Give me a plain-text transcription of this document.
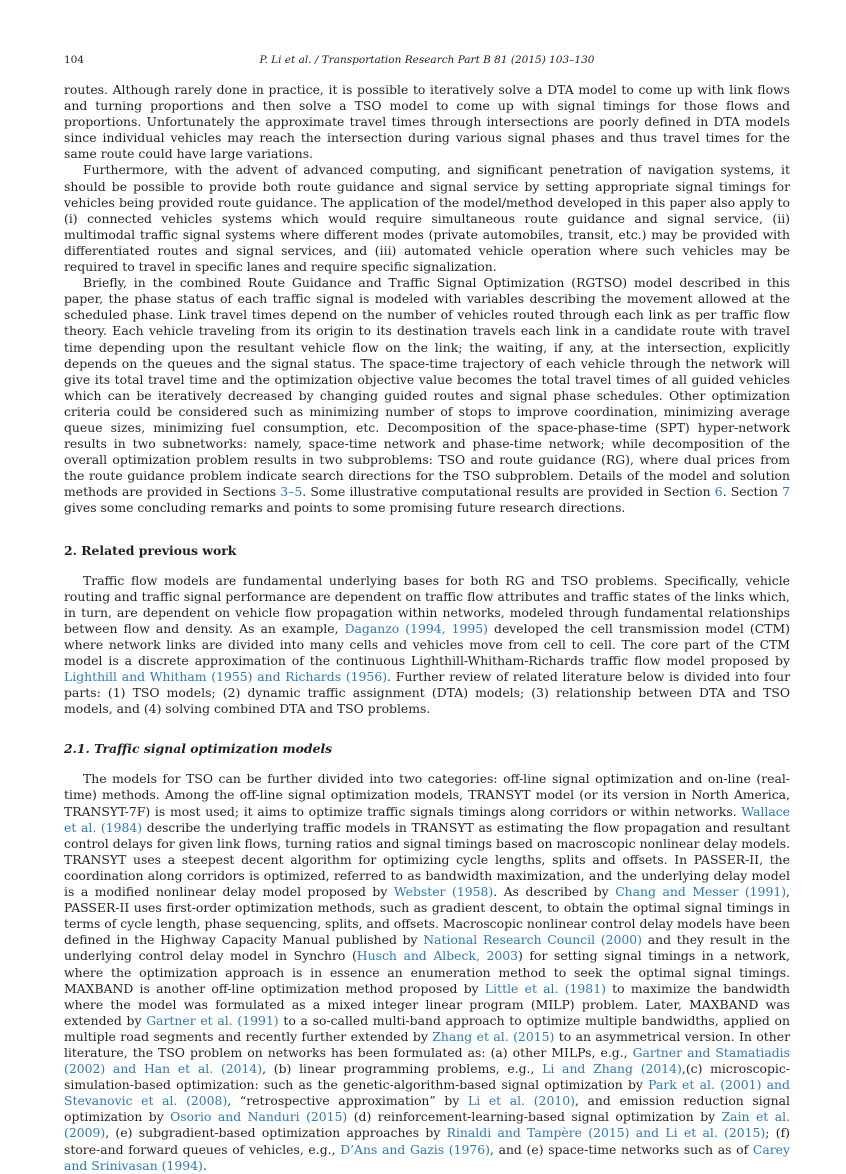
104	P. Li et al. / Transportation Research Part B 81 (2015) 103–130

routes. Although rarely done in practice, it is possible to iteratively solve a DTA model to come up with link flows and turning proportions and then solve a TSO model to come up with signal timings for those flows and proportions. Unfortunately the approximate travel times through intersections are poorly defined in DTA models since individual vehicles may reach the intersection during various signal phases and thus travel times for the same route could have large variations.

Furthermore, with the advent of advanced computing, and significant penetration of navigation systems, it should be possible to provide both route guidance and signal service by setting appropriate signal timings for vehicles being provided route guidance. The application of the model/method developed in this paper also apply to (i) connected vehicles systems which would require simultaneous route guidance and signal service, (ii) multimodal traffic signal systems where different modes (private automobiles, transit, etc.) may be provided with differentiated routes and signal services, and (iii) automated vehicle operation where such vehicles may be required to travel in specific lanes and require specific signalization.

Briefly, in the combined Route Guidance and Traffic Signal Optimization (RGTSO) model described in this paper, the phase status of each traffic signal is modeled with variables describing the movement allowed at the scheduled phase. Link travel times depend on the number of vehicles routed through each link as per traffic flow theory. Each vehicle traveling from its origin to its destination travels each link in a candidate route with travel time depending upon the resultant vehicle flow on the link; the waiting, if any, at the intersection, explicitly depends on the queues and the signal status. The space-time trajectory of each vehicle through the network will give its total travel time and the optimization objective value becomes the total travel times of all guided vehicles which can be iteratively decreased by changing guided routes and signal phase schedules. Other optimization criteria could be considered such as minimizing number of stops to improve coordination, minimizing average queue sizes, minimizing fuel consumption, etc. Decomposition of the space-phase-time (SPT) hyper-network results in two subnetworks: namely, space-time network and phase-time network; while decomposition of the overall optimization problem results in two subproblems: TSO and route guidance (RG), where dual prices from the route guidance problem indicate search directions for the TSO subproblem. Details of the model and solution methods are provided in Sections 3–5. Some illustrative computational results are provided in Section 6. Section 7 gives some concluding remarks and points to some promising future research directions.

2. Related previous work

Traffic flow models are fundamental underlying bases for both RG and TSO problems. Specifically, vehicle routing and traffic signal performance are dependent on traffic flow attributes and traffic states of the links which, in turn, are dependent on vehicle flow propagation within networks, modeled through fundamental relationships between flow and density. As an example, Daganzo (1994, 1995) developed the cell transmission model (CTM) where network links are divided into many cells and vehicles move from cell to cell. The core part of the CTM model is a discrete approximation of the continuous Lighthill-Whitham-Richards traffic flow model proposed by Lighthill and Whitham (1955) and Richards (1956). Further review of related literature below is divided into four parts: (1) TSO models; (2) dynamic traffic assignment (DTA) models; (3) relationship between DTA and TSO models, and (4) solving combined DTA and TSO problems.

2.1. Traffic signal optimization models

The models for TSO can be further divided into two categories: off-line signal optimization and on-line (real-time) methods. Among the off-line signal optimization models, TRANSYT model (or its version in North America, TRANSYT-7F) is most used; it aims to optimize traffic signals timings along corridors or within networks. Wallace et al. (1984) describe the underlying traffic models in TRANSYT as estimating the flow propagation and resultant control delays for given link flows, turning ratios and signal timings based on macroscopic nonlinear delay models. TRANSYT uses a steepest decent algorithm for optimizing cycle lengths, splits and offsets. In PASSER-II, the coordination along corridors is optimized, referred to as bandwidth maximization, and the underlying delay model is a modified nonlinear delay model proposed by Webster (1958). As described by Chang and Messer (1991), PASSER-II uses first-order optimization methods, such as gradient descent, to obtain the optimal signal timings in terms of cycle length, phase sequencing, splits, and offsets. Macroscopic nonlinear control delay models have been defined in the Highway Capacity Manual published by National Research Council (2000) and they result in the underlying control delay model in Synchro (Husch and Albeck, 2003) for setting signal timings in a network, where the optimization approach is in essence an enumeration method to seek the optimal signal timings. MAXBAND is another off-line optimization method proposed by Little et al. (1981) to maximize the bandwidth where the model was formulated as a mixed integer linear program (MILP) problem. Later, MAXBAND was extended by Gartner et al. (1991) to a so-called multi-band approach to optimize multiple bandwidths, applied on multiple road segments and recently further extended by Zhang et al. (2015) to an asymmetrical version. In other literature, the TSO problem on networks has been formulated as: (a) other MILPs, e.g., Gartner and Stamatiadis (2002) and Han et al. (2014), (b) linear programming problems, e.g., Li and Zhang (2014),(c) microscopic-simulation-based optimization: such as the genetic-algorithm-based signal optimization by Park et al. (2001) and Stevanovic et al. (2008), “retrospective approximation” by Li et al. (2010), and emission reduction signal optimization by Osorio and Nanduri (2015) (d) reinforcement-learning-based signal optimization by Zain et al. (2009), (e) subgradient-based optimization approaches by Rinaldi and Tampère (2015) and Li et al. (2015); (f) store-and forward queues of vehicles, e.g., D’Ans and Gazis (1976), and (e) space-time networks such as of Carey and Srinivasan (1994).
